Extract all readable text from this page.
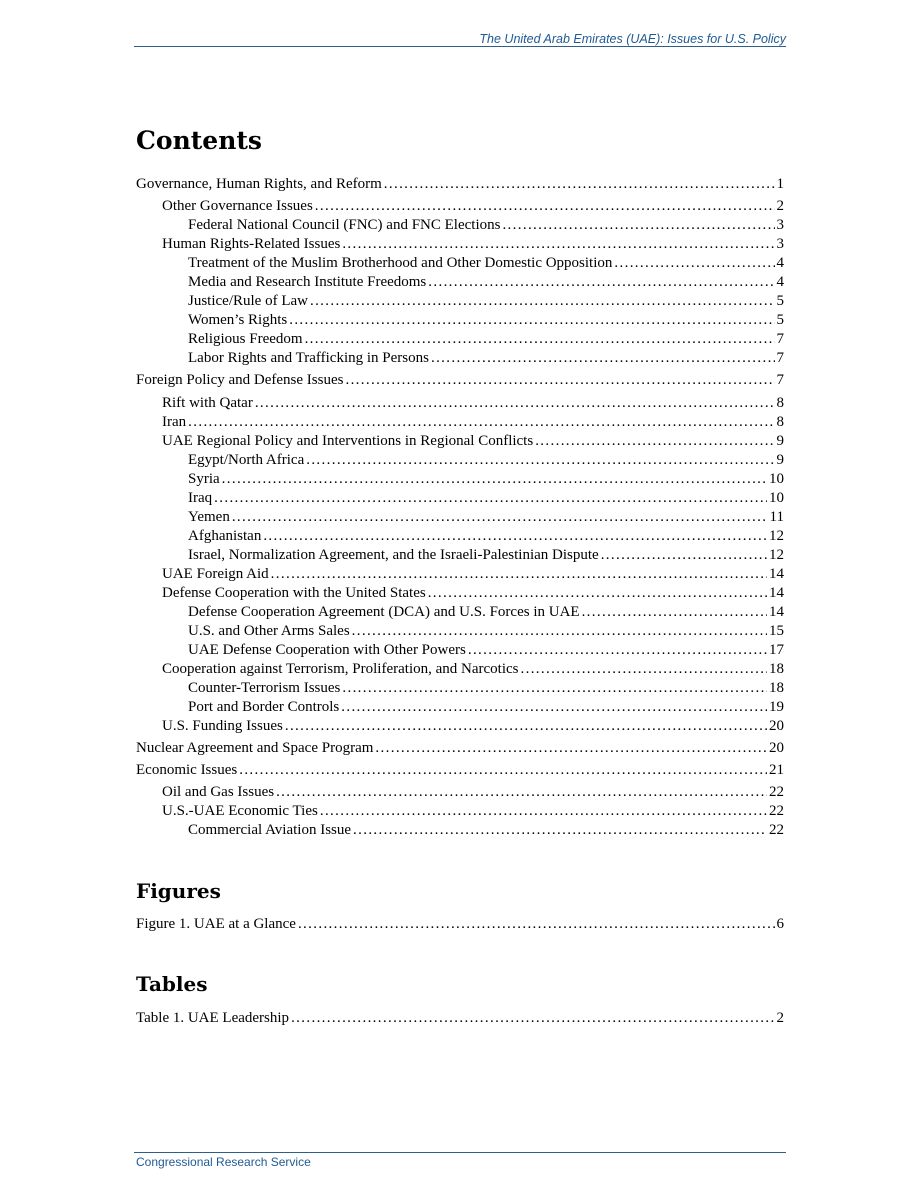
The United Arab Emirates (UAE): Issues for U.S. Policy
Contents
Governance, Human Rights, and Reform . . .	1
Other Governance Issues . . .	2
Federal National Council (FNC) and FNC Elections . . .	3
Human Rights-Related Issues . . .	3
Treatment of the Muslim Brotherhood and Other Domestic Opposition . . .	4
Media and Research Institute Freedoms . . .	4
Justice/Rule of Law . . .	5
Women’s Rights . . .	5
Religious Freedom . . .	7
Labor Rights and Trafficking in Persons . . .	7
Foreign Policy and Defense Issues . . .	7
Rift with Qatar . . .	8
Iran . . .	8
UAE Regional Policy and Interventions in Regional Conflicts . . .	9
Egypt/North Africa . . .	9
Syria . . .	10
Iraq . . .	10
Yemen . . .	11
Afghanistan . . .	12
Israel, Normalization Agreement, and the Israeli-Palestinian Dispute . . .	12
UAE Foreign Aid . . .	14
Defense Cooperation with the United States . . .	14
Defense Cooperation Agreement (DCA) and U.S. Forces in UAE . . .	14
U.S. and Other Arms Sales . . .	15
UAE Defense Cooperation with Other Powers . . .	17
Cooperation against Terrorism, Proliferation, and Narcotics . . .	18
Counter-Terrorism Issues . . .	18
Port and Border Controls . . .	19
U.S. Funding Issues . . .	20
Nuclear Agreement and Space Program . . .	20
Economic Issues . . .	21
Oil and Gas Issues . . .	22
U.S.-UAE Economic Ties . . .	22
Commercial Aviation Issue . . .	22
Figures
Figure 1. UAE at a Glance . . .	6
Tables
Table 1. UAE Leadership . . .	2
Congressional Research Service
